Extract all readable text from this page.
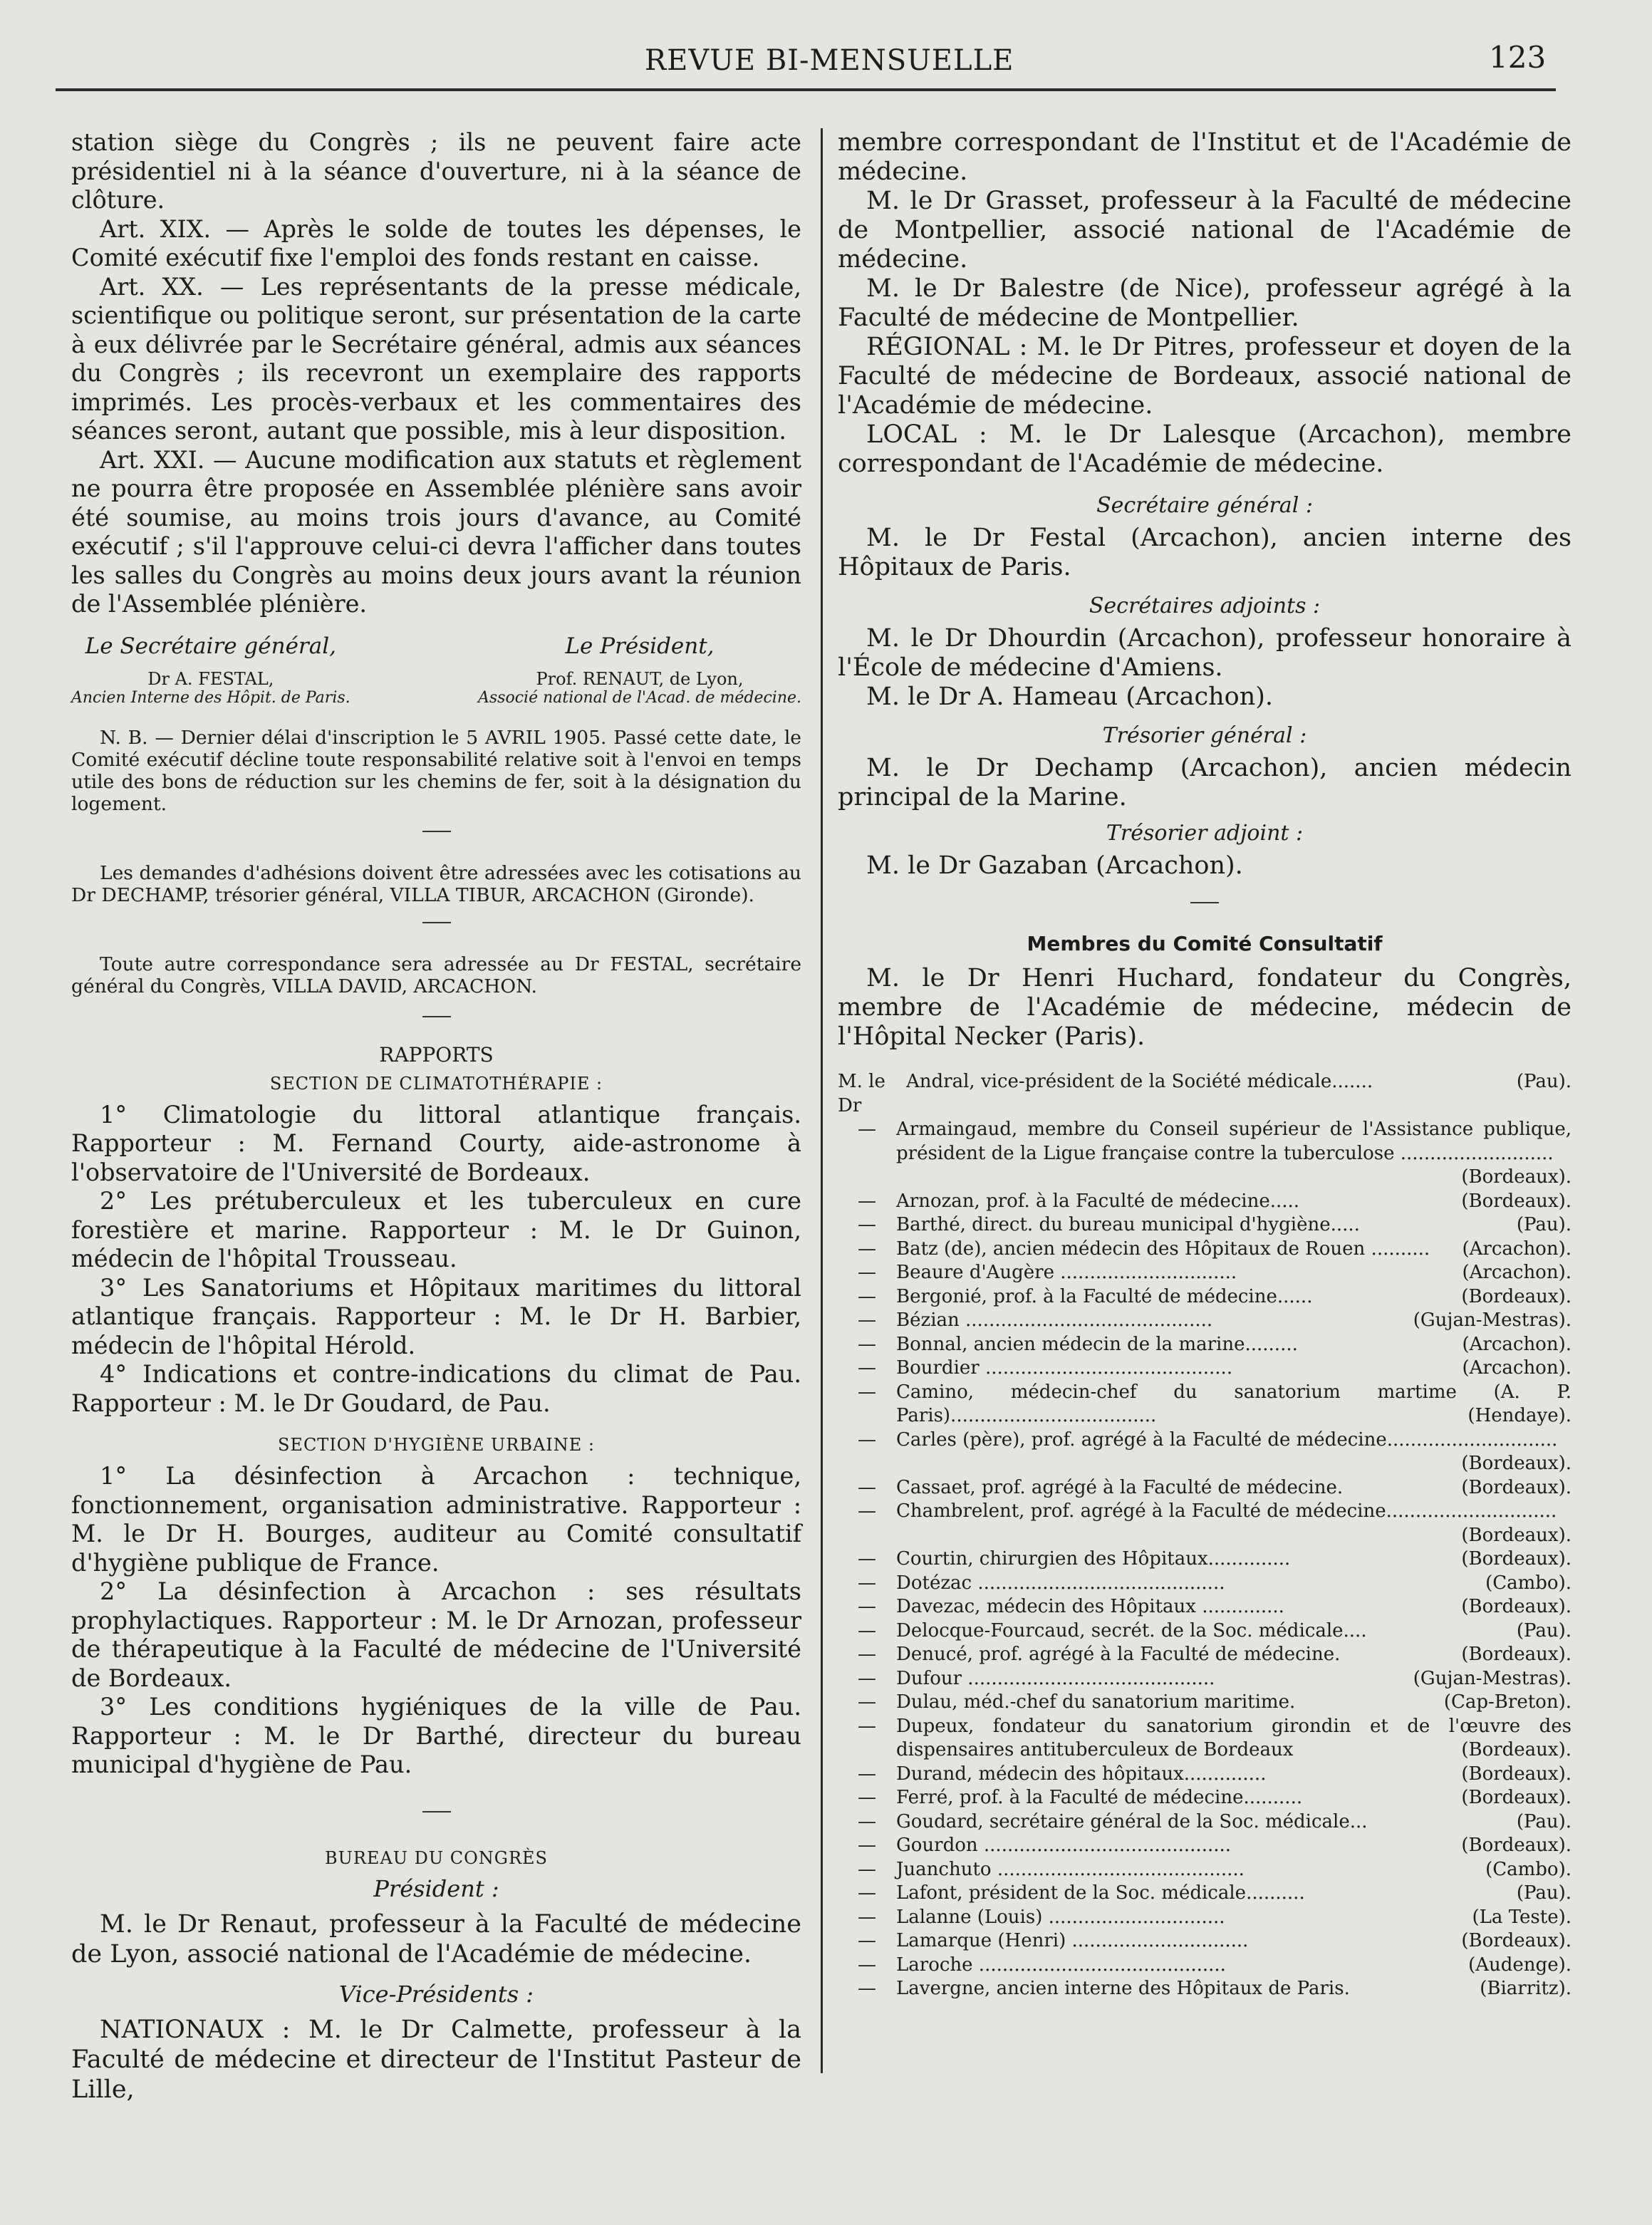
REVUE BI-MENSUELLE	123

station siège du Congrès ; ils ne peuvent faire acte présidentiel ni à la séance d'ouverture, ni à la séance de clôture.

Art. XIX. — Après le solde de toutes les dépenses, le Comité exécutif fixe l'emploi des fonds restant en caisse.

Art. XX. — Les représentants de la presse médicale, scientifique ou politique seront, sur présentation de la carte à eux délivrée par le Secrétaire général, admis aux séances du Congrès ; ils recevront un exemplaire des rapports imprimés. Les procès-verbaux et les commentaires des séances seront, autant que possible, mis à leur disposition.

Art. XXI. — Aucune modification aux statuts et règlement ne pourra être proposée en Assemblée plénière sans avoir été soumise, au moins trois jours d'avance, au Comité exécutif ; s'il l'approuve celui-ci devra l'afficher dans toutes les salles du Congrès au moins deux jours avant la réunion de l'Assemblée plénière.

Le Secrétaire général,
Dr A. FESTAL,
Ancien Interne des Hôpit. de Paris.
Le Président,
Prof. RENAUT, de Lyon,
Associé national de l'Acad. de médecine.

N. B. — Dernier délai d'inscription le 5 AVRIL 1905. Passé cette date, le Comité exécutif décline toute responsabilité relative soit à l'envoi en temps utile des bons de réduction sur les chemins de fer, soit à la désignation du logement.

Les demandes d'adhésions doivent être adressées avec les cotisations au Dr DECHAMP, trésorier général, VILLA TIBUR, ARCACHON (Gironde).

Toute autre correspondance sera adressée au Dr FESTAL, secrétaire général du Congrès, VILLA DAVID, ARCACHON.

RAPPORTS

SECTION DE CLIMATOTHÉRAPIE :

1° Climatologie du littoral atlantique français. Rapporteur : M. Fernand Courty, aide-astronome à l'observatoire de l'Université de Bordeaux.

2° Les prétuberculeux et les tuberculeux en cure forestière et marine. Rapporteur : M. le Dr Guinon, médecin de l'hôpital Trousseau.

3° Les Sanatoriums et Hôpitaux maritimes du littoral atlantique français. Rapporteur : M. le Dr H. Barbier, médecin de l'hôpital Hérold.

4° Indications et contre-indications du climat de Pau. Rapporteur : M. le Dr Goudard, de Pau.

SECTION D'HYGIÈNE URBAINE :

1° La désinfection à Arcachon : technique, fonctionnement, organisation administrative. Rapporteur : M. le Dr H. Bourges, auditeur au Comité consultatif d'hygiène publique de France.

2° La désinfection à Arcachon : ses résultats prophylactiques. Rapporteur : M. le Dr Arnozan, professeur de thérapeutique à la Faculté de médecine de l'Université de Bordeaux.

3° Les conditions hygiéniques de la ville de Pau. Rapporteur : M. le Dr Barthé, directeur du bureau municipal d'hygiène de Pau.

BUREAU DU CONGRÈS

Président :

M. le Dr Renaut, professeur à la Faculté de médecine de Lyon, associé national de l'Académie de médecine.

Vice-Présidents :

NATIONAUX : M. le Dr Calmette, professeur à la Faculté de médecine et directeur de l'Institut Pasteur de Lille,

membre correspondant de l'Institut et de l'Académie de médecine.

M. le Dr Grasset, professeur à la Faculté de médecine de Montpellier, associé national de l'Académie de médecine.

M. le Dr Balestre (de Nice), professeur agrégé à la Faculté de médecine de Montpellier.

RÉGIONAL : M. le Dr Pitres, professeur et doyen de la Faculté de médecine de Bordeaux, associé national de l'Académie de médecine.

LOCAL : M. le Dr Lalesque (Arcachon), membre correspondant de l'Académie de médecine.

Secrétaire général :

M. le Dr Festal (Arcachon), ancien interne des Hôpitaux de Paris.

Secrétaires adjoints :

M. le Dr Dhourdin (Arcachon), professeur honoraire à l'École de médecine d'Amiens.

M. le Dr A. Hameau (Arcachon).

Trésorier général :

M. le Dr Dechamp (Arcachon), ancien médecin principal de la Marine.

Trésorier adjoint :

M. le Dr Gazaban (Arcachon).

Membres du Comité Consultatif

M. le Dr Henri Huchard, fondateur du Congrès, membre de l'Académie de médecine, médecin de l'Hôpital Necker (Paris).

M. le Dr
Andral, vice-président de la Société médicale.......	(Pau).
—	Armaingaud, membre du Conseil supérieur de l'Assistance publique, président de la Ligue française contre la tuberculose ..........................
(Bordeaux).
—	Arnozan, prof. à la Faculté de médecine.....	(Bordeaux).
—	Barthé, direct. du bureau municipal d'hygiène.....	(Pau).
—	Batz (de), ancien médecin des Hôpitaux de Rouen .......... (Arcachon).
—	Beaure d'Augère ..............................	(Arcachon).
—	Bergonié, prof. à la Faculté de médecine......	(Bordeaux).
—	Bézian ..........................................	(Gujan-Mestras).
—	Bonnal, ancien médecin de la marine.........	(Arcachon).
—	Bourdier ..........................................	(Arcachon).
—	Camino, médecin-chef du sanatorium martime (A. P. Paris)...................................	(Hendaye).
—	Carles (père), prof. agrégé à la Faculté de médecine.............................
(Bordeaux).
—	Cassaet, prof. agrégé à la Faculté de médecine.	(Bordeaux).
—	Chambrelent, prof. agrégé à la Faculté de médecine.............................
(Bordeaux).
—	Courtin, chirurgien des Hôpitaux..............	(Bordeaux).
—	Dotézac ..........................................	(Cambo).
—	Davezac, médecin des Hôpitaux ..............	(Bordeaux).
—	Delocque-Fourcaud, secrét. de la Soc. médicale....	(Pau).
—	Denucé, prof. agrégé à la Faculté de médecine.	(Bordeaux).
—	Dufour ..........................................	(Gujan-Mestras).
—	Dulau, méd.-chef du sanatorium maritime.	(Cap-Breton).
—	Dupeux, fondateur du sanatorium girondin et de l'œuvre des dispensaires antituberculeux de Bordeaux	(Bordeaux).
—	Durand, médecin des hôpitaux..............	(Bordeaux).
—	Ferré, prof. à la Faculté de médecine..........	(Bordeaux).
—	Goudard, secrétaire général de la Soc. médicale...	(Pau).
—	Gourdon ..........................................	(Bordeaux).
—	Juanchuto ..........................................	(Cambo).
—	Lafont, président de la Soc. médicale..........	(Pau).
—	Lalanne (Louis) ..............................	(La Teste).
—	Lamarque (Henri) ..............................	(Bordeaux).
—	Laroche ..........................................	(Audenge).
—	Lavergne, ancien interne des Hôpitaux de Paris.	(Biarritz).
